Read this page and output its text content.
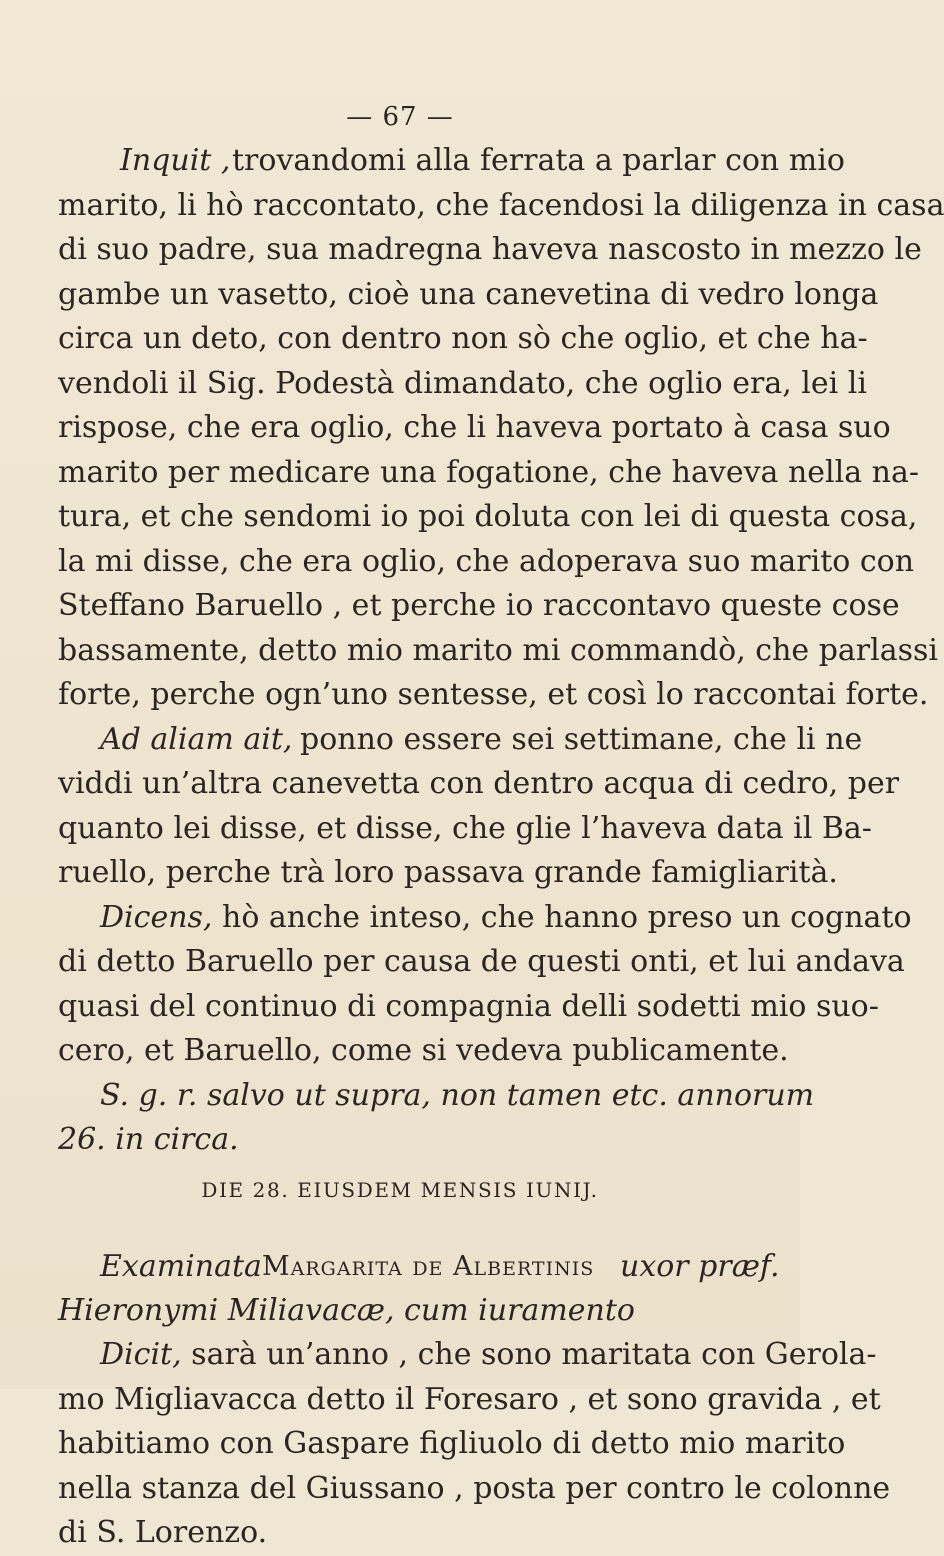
— 67 —
Inquit , trovandomi alla ferrata a parlar con mio
marito, li hò raccontato, che facendosi la diligenza in casa
di suo padre, sua madregna haveva nascosto in mezzo le
gambe un vasetto, cioè una canevetina di vedro longa
circa un deto, con dentro non sò che oglio, et che ha-
vendoli il Sig. Podestà dimandato, che oglio era, lei li
rispose, che era oglio, che li haveva portato à casa suo
marito per medicare una fogatione, che haveva nella na-
tura, et che sendomi io poi doluta con lei di questa cosa,
la mi disse, che era oglio, che adoperava suo marito con
Steffano Baruello , et perche io raccontavo queste cose
bassamente, detto mio marito mi commandò, che parlassi
forte, perche ogn’uno sentesse, et così lo raccontai forte.
Ad aliam ait, ponno essere sei settimane, che li ne
viddi un’altra canevetta con dentro acqua di cedro, per
quanto lei disse, et disse, che glie l’haveva data il Ba-
ruello, perche trà loro passava grande famigliarità.
Dicens, hò anche inteso, che hanno preso un cognato
di detto Baruello per causa de questi onti, et lui andava
quasi del continuo di compagnia delli sodetti mio suo-
cero, et Baruello, come si vedeva publicamente.
S. g. r. salvo ut supra, non tamen etc. annorum
26. in circa.
DIE 28. EIUSDEM MENSIS IUNIJ.
Examinata Margarita de Albertinis uxor præf.
Hieronymi Miliavacæ, cum iuramento
Dicit, sarà un’anno , che sono maritata con Gerola-
mo Migliavacca detto il Foresaro , et sono gravida , et
habitiamo con Gaspare figliuolo di detto mio marito
nella stanza del Giussano , posta per contro le colonne
di S. Lorenzo.
